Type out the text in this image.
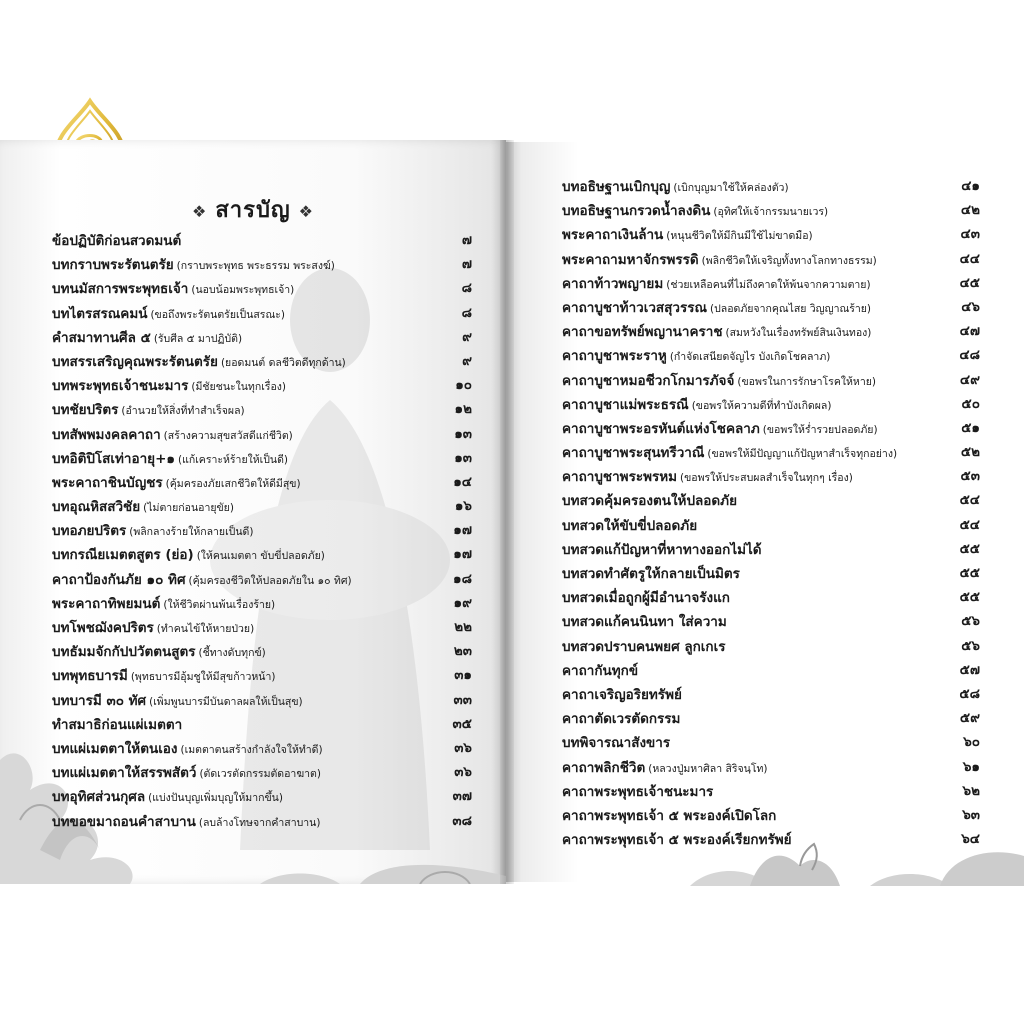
❖ สารบัญ ❖
ข้อปฏิบัติก่อนสวดมนต์	๗
บทกราบพระรัตนตรัย (กราบพระพุทธ พระธรรม พระสงฆ์)	๗
บทนมัสการพระพุทธเจ้า (นอบน้อมพระพุทธเจ้า)	๘
บทไตรสรณคมน์ (ขอถึงพระรัตนตรัยเป็นสรณะ)	๘
คำสมาทานศีล ๕ (รับศีล ๕ มาปฏิบัติ)	๙
บทสรรเสริญคุณพระรัตนตรัย (ยอดมนต์ ดลชีวิตดีทุกด้าน)	๙
บทพระพุทธเจ้าชนะมาร (มีชัยชนะในทุกเรื่อง)	๑๐
บทชัยปริตร (อำนวยให้สิ่งที่ทำสำเร็จผล)	๑๒
บทสัพพมงคลคาถา (สร้างความสุขสวัสดีแก่ชีวิต)	๑๓
บทอิติปิโสเท่าอายุ+๑ (แก้เคราะห์ร้ายให้เป็นดี)	๑๓
พระคาถาชินบัญชร (คุ้มครองภัยเสกชีวิตให้ดีมีสุข)	๑๔
บทอุณหิสสวิชัย (ไม่ตายก่อนอายุขัย)	๑๖
บทอภยปริตร (พลิกลางร้ายให้กลายเป็นดี)	๑๗
บทกรณียเมตตสูตร (ย่อ) (ให้คนเมตตา ขับขี่ปลอดภัย)	๑๗
คาถาป้องกันภัย ๑๐ ทิศ (คุ้มครองชีวิตให้ปลอดภัยใน ๑๐ ทิศ)	๑๘
พระคาถาทิพยมนต์ (ให้ชีวิตผ่านพ้นเรื่องร้าย)	๑๙
บทโพชฌังคปริตร (ทำคนไข้ให้หายป่วย)	๒๒
บทธัมมจักกัปปวัตตนสูตร (ชี้ทางดับทุกข์)	๒๓
บทพุทธบารมี (พุทธบารมีอุ้มชูให้มีสุขก้าวหน้า)	๓๑
บทบารมี ๓๐ ทัศ (เพิ่มพูนบารมีบันดาลผลให้เป็นสุข)	๓๓
ทำสมาธิก่อนแผ่เมตตา	๓๕
บทแผ่เมตตาให้ตนเอง (เมตตาตนสร้างกำลังใจให้ทำดี)	๓๖
บทแผ่เมตตาให้สรรพสัตว์ (ตัดเวรตัดกรรมตัดอาฆาต)	๓๖
บทอุทิศส่วนกุศล (แบ่งปันบุญเพิ่มบุญให้มากขึ้น)	๓๗
บทขอขมาถอนคำสาบาน (ลบล้างโทษจากคำสาบาน)	๓๘
บทอธิษฐานเบิกบุญ (เบิกบุญมาใช้ให้คล่องตัว)	๔๑
บทอธิษฐานกรวดน้ำลงดิน (อุทิศให้เจ้ากรรมนายเวร)	๔๒
พระคาถาเงินล้าน (หนุนชีวิตให้มีกินมีใช้ไม่ขาดมือ)	๔๓
พระคาถามหาจักรพรรดิ (พลิกชีวิตให้เจริญทั้งทางโลกทางธรรม)	๔๔
คาถาท้าวพญายม (ช่วยเหลือคนที่ไม่ถึงคาดให้พ้นจากความตาย)	๔๕
คาถาบูชาท้าวเวสสุวรรณ (ปลอดภัยจากคุณไสย วิญญาณร้าย)	๔๖
คาถาขอทรัพย์พญานาคราช (สมหวังในเรื่องทรัพย์สินเงินทอง)	๔๗
คาถาบูชาพระราหู (กำจัดเสนียดจัญไร บังเกิดโชคลาภ)	๔๘
คาถาบูชาหมอชีวกโกมารภัจจ์ (ขอพรในการรักษาโรคให้หาย)	๔๙
คาถาบูชาแม่พระธรณี (ขอพรให้ความดีที่ทำบังเกิดผล)	๕๐
คาถาบูชาพระอรหันต์แห่งโชคลาภ (ขอพรให้ร่ำรวยปลอดภัย)	๕๑
คาถาบูชาพระสุนทรีวาณี (ขอพรให้มีปัญญาแก้ปัญหาสำเร็จทุกอย่าง)	๕๒
คาถาบูชาพระพรหม (ขอพรให้ประสบผลสำเร็จในทุกๆ เรื่อง)	๕๓
บทสวดคุ้มครองตนให้ปลอดภัย	๕๔
บทสวดให้ขับขี่ปลอดภัย	๕๔
บทสวดแก้ปัญหาที่หาทางออกไม่ได้	๕๕
บทสวดทำศัตรูให้กลายเป็นมิตร	๕๕
บทสวดเมื่อถูกผู้มีอำนาจรังแก	๕๕
บทสวดแก้คนนินทา ใส่ความ	๕๖
บทสวดปราบคนพยศ ลูกเกเร	๕๖
คาถากันทุกข์	๕๗
คาถาเจริญอริยทรัพย์	๕๘
คาถาตัดเวรตัดกรรม	๕๙
บทพิจารณาสังขาร	๖๐
คาถาพลิกชีวิต (หลวงปู่มหาศิลา สิริจนฺโท)	๖๑
คาถาพระพุทธเจ้าชนะมาร	๖๒
คาถาพระพุทธเจ้า ๕ พระองค์เปิดโลก	๖๓
คาถาพระพุทธเจ้า ๕ พระองค์เรียกทรัพย์	๖๔
